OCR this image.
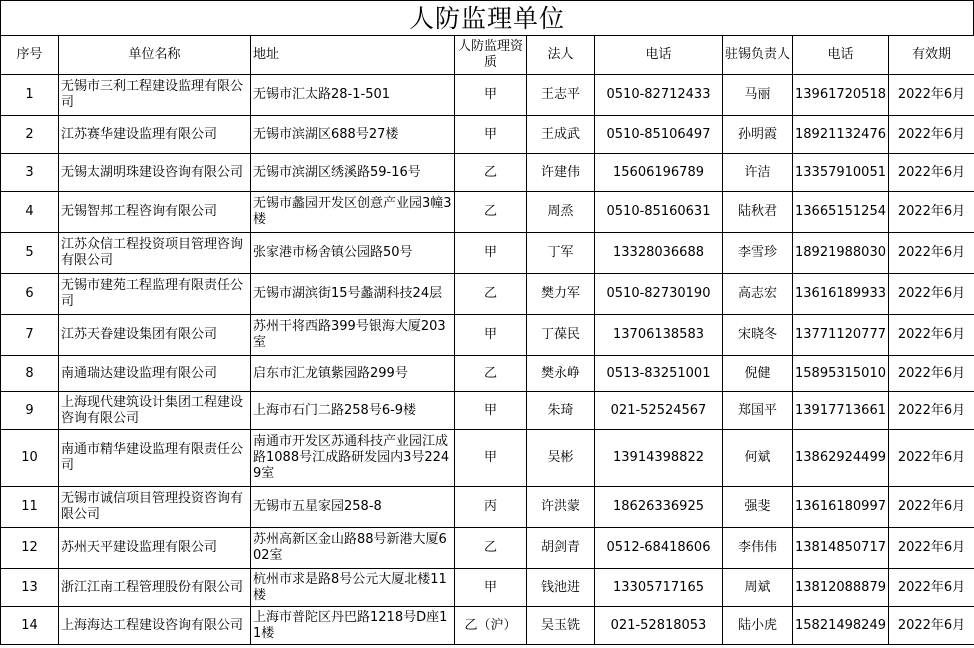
人防监理单位
序号	单位名称	地址	人防监理资质	法人	电话	驻锡负责人	电话	有效期
1	无锡市三利工程建设监理有限公司	无锡市汇太路28-1-501	甲	王志平	0510-82712433	马丽	13961720518	2022年6月
2	江苏赛华建设监理有限公司	无锡市滨湖区688号27楼	甲	王成武	0510-85106497	孙明霞	18921132476	2022年6月
3	无锡太湖明珠建设咨询有限公司	无锡市滨湖区绣溪路59-16号	乙	许建伟	15606196789	许洁	13357910051	2022年6月
4	无锡智邦工程咨询有限公司	无锡市蠡园开发区创意产业园3幢3楼	乙	周烝	0510-85160631	陆秋君	13665151254	2022年6月
5	江苏众信工程投资项目管理咨询有限公司	张家港市杨舍镇公园路50号	甲	丁军	13328036688	李雪珍	18921988030	2022年6月
6	无锡市建苑工程监理有限责任公司	无锡市湖滨街15号蠡湖科技24层	乙	樊力军	0510-82730190	高志宏	13616189933	2022年6月
7	江苏天眷建设集团有限公司	苏州干将西路399号银海大厦203室	甲	丁葆民	13706138583	宋晓冬	13771120777	2022年6月
8	南通瑞达建设监理有限公司	启东市汇龙镇紫园路299号	乙	樊永峥	0513-83251001	倪健	15895315010	2022年6月
9	上海现代建筑设计集团工程建设咨询有限公司	上海市石门二路258号6-9楼	甲	朱琦	021-52524567	郑国平	13917713661	2022年6月
10	南通市精华建设监理有限责任公司	南通市开发区苏通科技产业园江成路1088号江成路研发园内3号2249室	甲	吴彬	13914398822	何斌	13862924499	2022年6月
11	无锡市诚信项目管理投资咨询有限公司	无锡市五星家园258-8	丙	许洪蒙	18626336925	强斐	13616180997	2022年6月
12	苏州天平建设监理有限公司	苏州高新区金山路88号新港大厦602室	乙	胡剑青	0512-68418606	李伟伟	13814850717	2022年6月
13	浙江江南工程管理股份有限公司	杭州市求是路8号公元大厦北楼11楼	甲	钱池进	13305717165	周斌	13812088879	2022年6月
14	上海海达工程建设咨询有限公司	上海市普陀区丹巴路1218号D座11楼	乙（沪）	吴玉铣	021-52818053	陆小虎	15821498249	2022年6月
